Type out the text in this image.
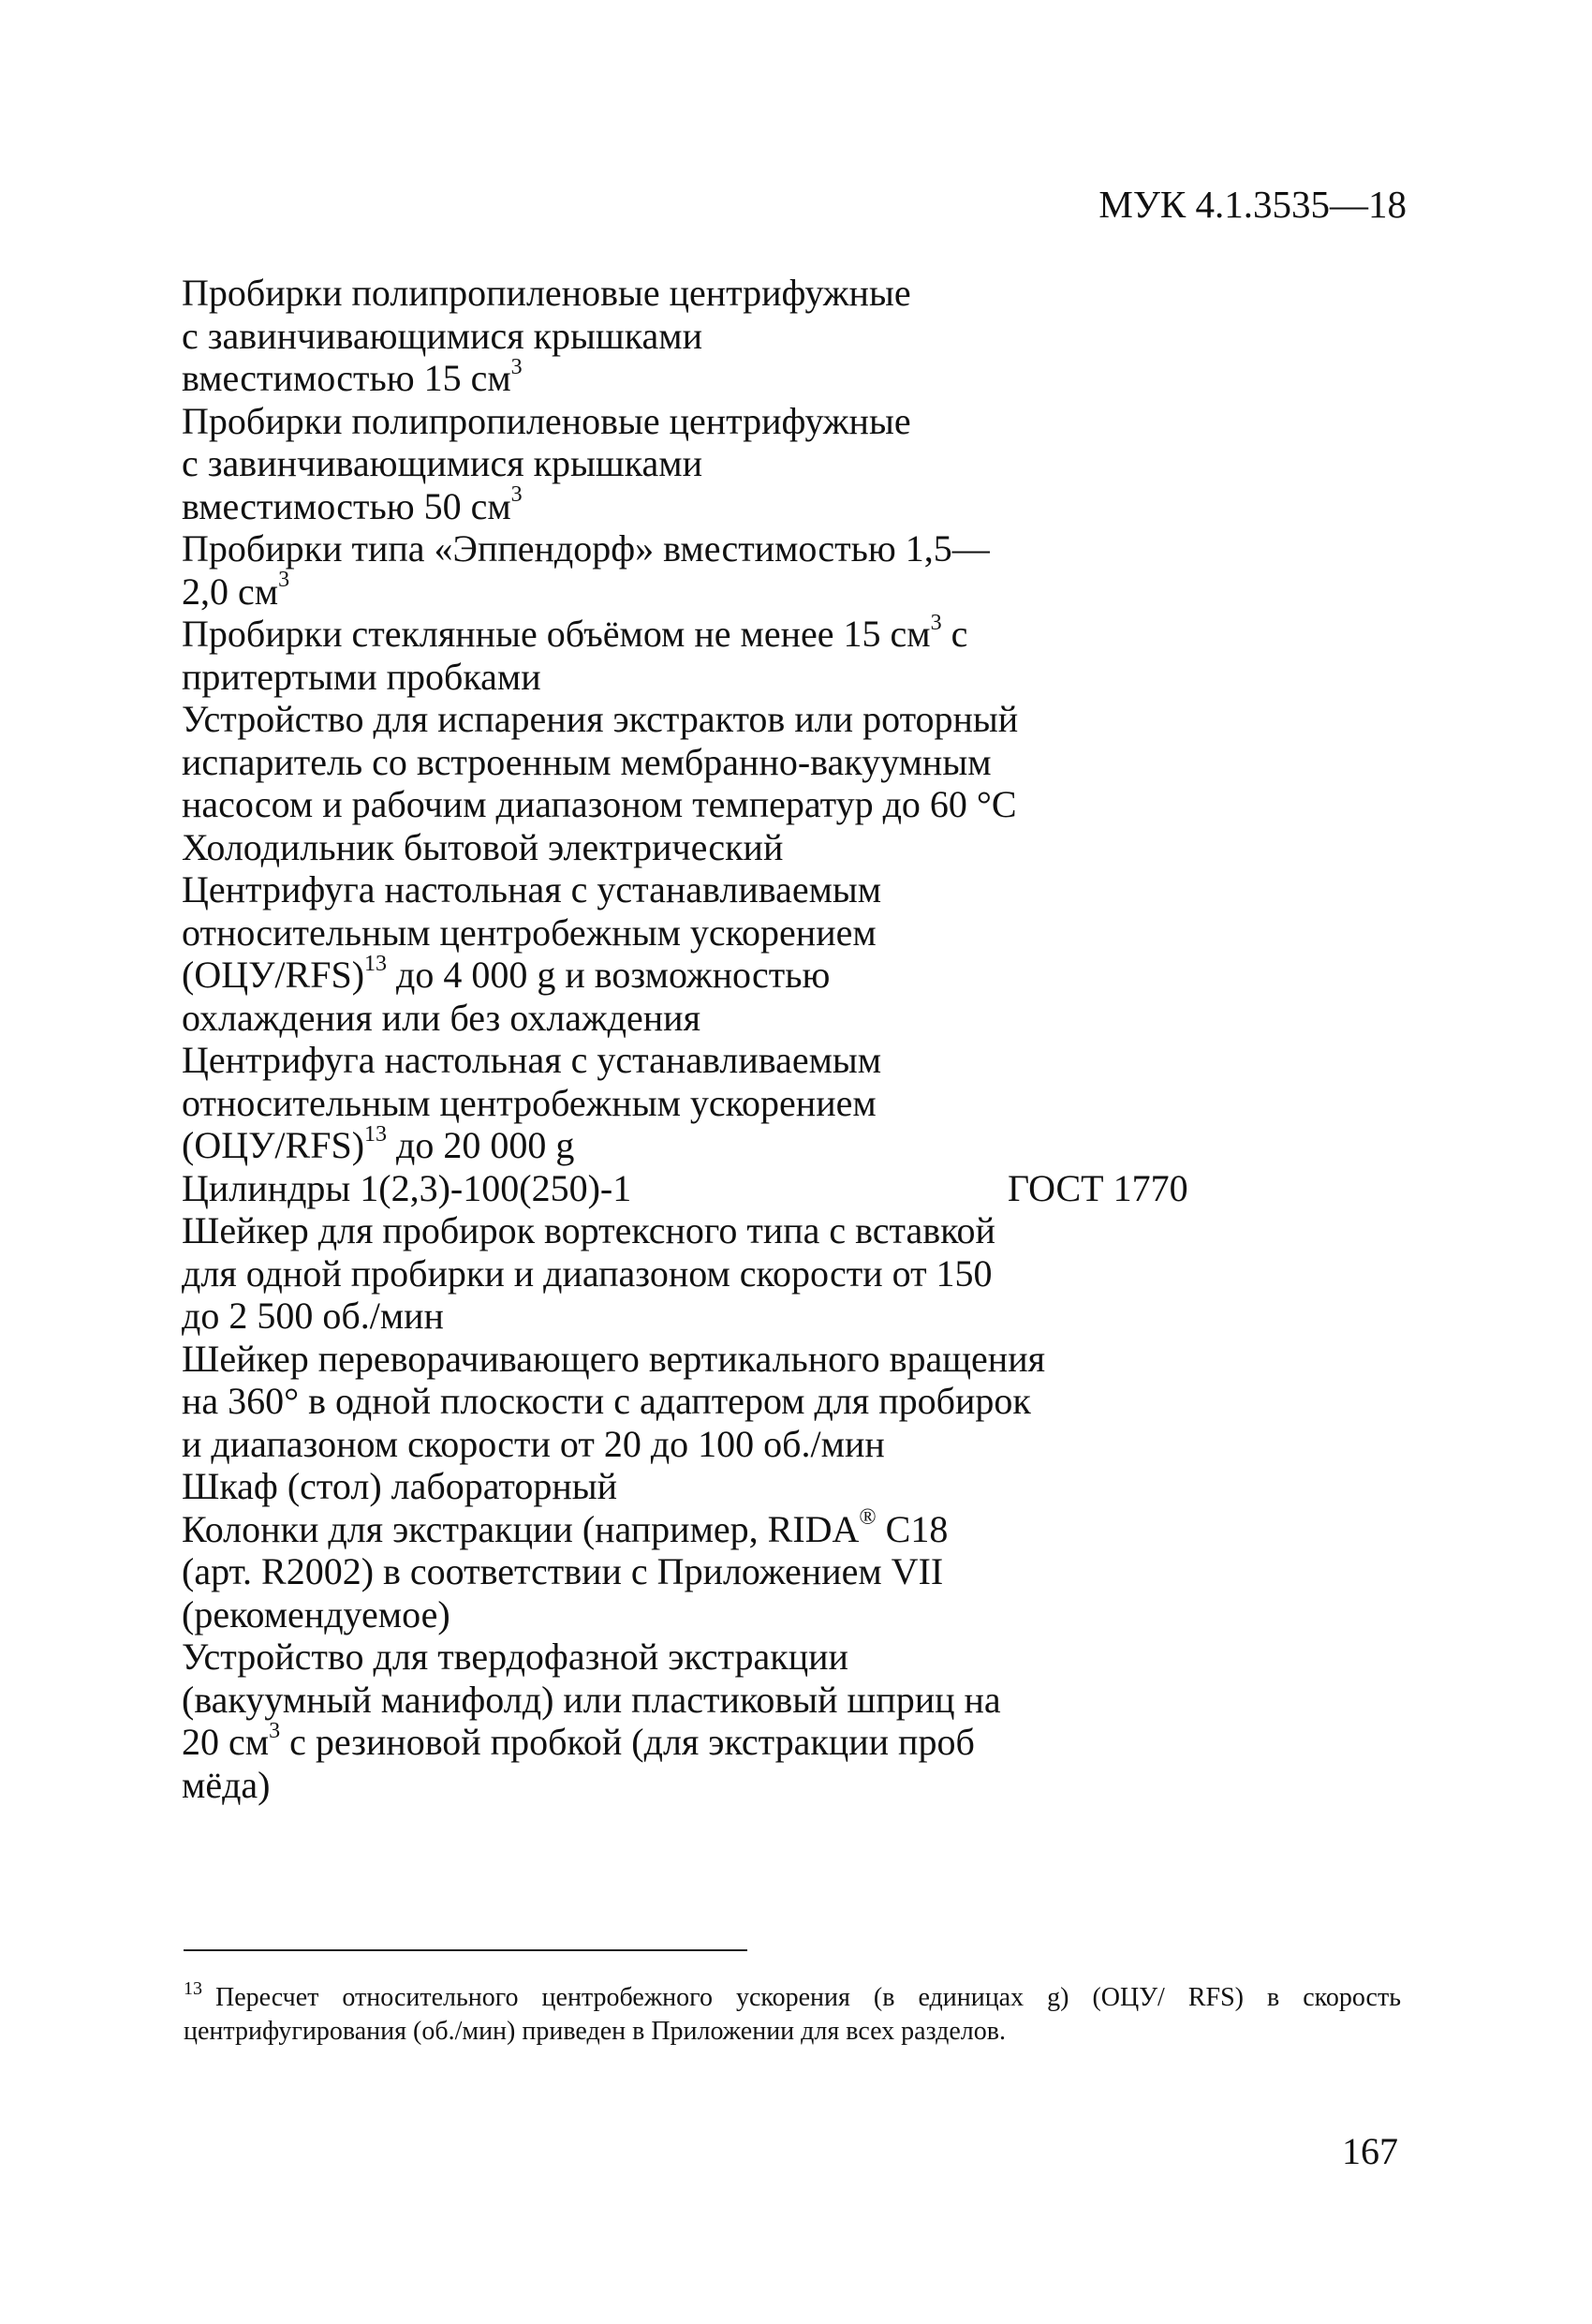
МУК 4.1.3535—18
Пробирки полипропиленовые центрифужные с завинчивающимися крышками вместимостью 15 $см^3$
Пробирки полипропиленовые центрифужные с завинчивающимися крышками вместимостью 50 $см^3$
Пробирки типа «Эппендорф» вместимостью 1,5—2,0 $см^3$
Пробирки стеклянные объёмом не менее 15 $см^3$ с притертыми пробками
Устройство для испарения экстрактов или роторный испаритель со встроенным мембранно-вакуумным насосом и рабочим диапазоном температур до 60 °С
Холодильник бытовой электрический
Центрифуга настольная с устанавливаемым относительным центробежным ускорением $(ОЦУ/RFS)^{13}$ до 4 000 g и возможностью охлаждения или без охлаждения
Центрифуга настольная с устанавливаемым относительным центробежным ускорением $(ОЦУ/RFS)^{13}$ до 20 000 g
Цилиндры 1(2,3)-100(250)-1	ГОСТ 1770
Шейкер для пробирок вортексного типа с вставкой для одной пробирки и диапазоном скорости от 150 до 2 500 об./мин
Шейкер переворачивающего вертикального вращения на 360° в одной плоскости с адаптером для пробирок и диапазоном скорости от 20 до 100 об./мин
Шкаф (стол) лабораторный
Колонки для экстракции (например, RIDA® C18 (арт. R2002) в соответствии с Приложением VII (рекомендуемое)
Устройство для твердофазной экстракции (вакуумный манифолд) или пластиковый шприц на 20 $см^3$ с резиновой пробкой (для экстракции проб мёда)
$^{13}$ Пересчет относительного центробежного ускорения (в единицах g) (ОЦУ/ RFS) в скорость центрифугирования (об./мин) приведен в Приложении для всех разделов.
167
